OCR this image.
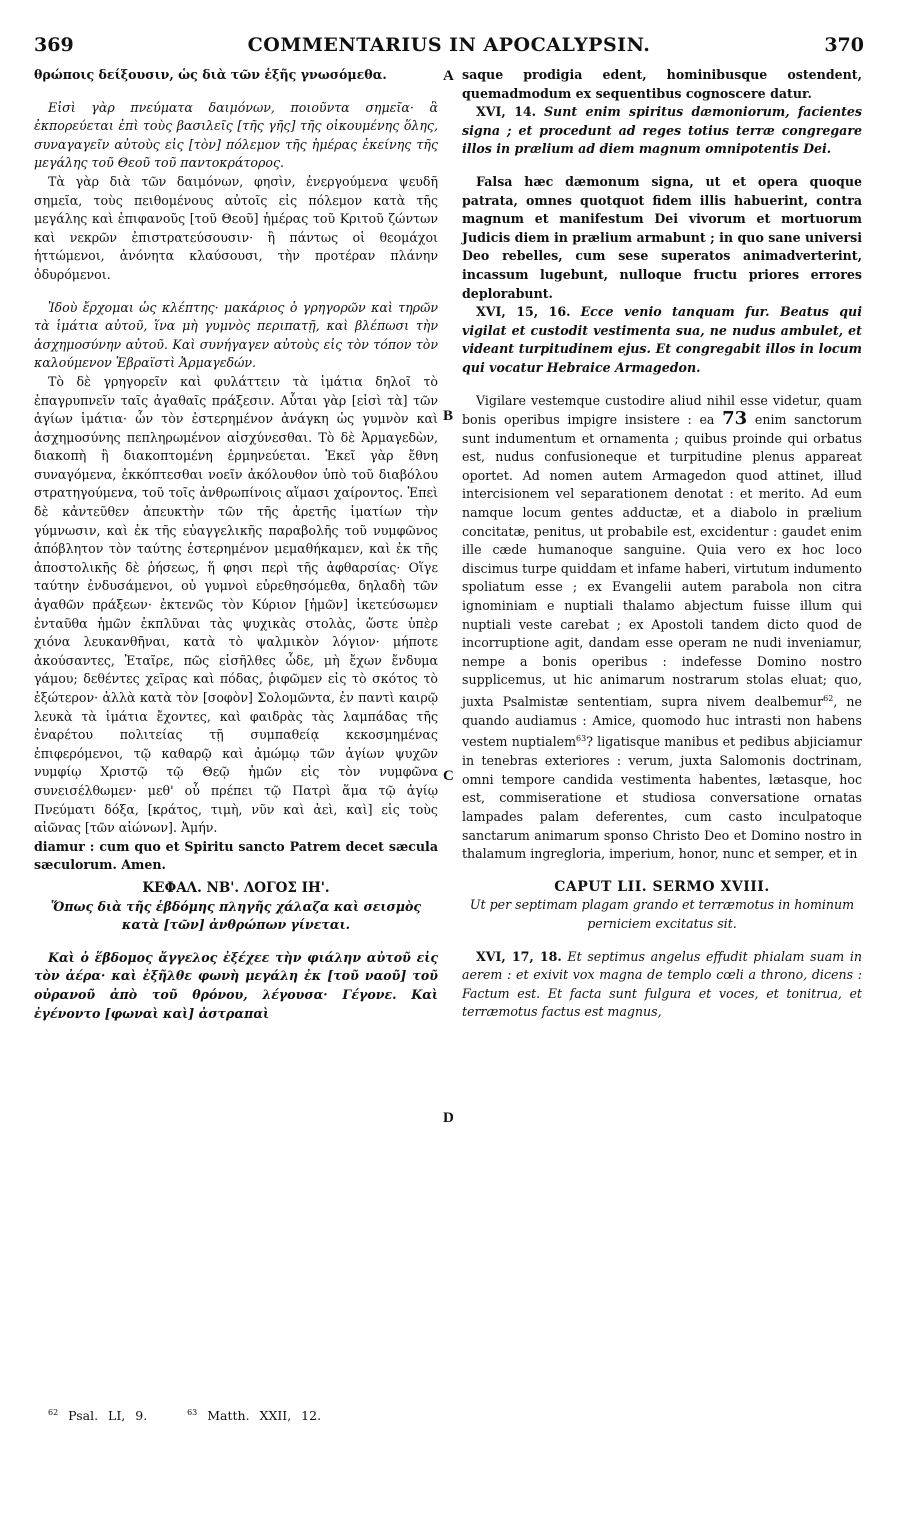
369	COMMENTARIUS IN APOCALYPSIN.	370
A
B
C
D

θρώποις δείξουσιν, ὡς διὰ τῶν ἑξῆς γνωσόμεθα.

Εἰσὶ γὰρ πνεύματα δαιμόνων, ποιοῦντα σημεῖα· ἃ ἐκπορεύεται ἐπὶ τοὺς βασιλεῖς [τῆς γῆς] τῆς οἰκουμένης ὅλης, συναγαγεῖν αὐτοὺς εἰς [τὸν] πόλεμον τῆς ἡμέρας ἐκείνης τῆς μεγάλης τοῦ Θεοῦ τοῦ παντοκράτορος.

Τὰ γὰρ διὰ τῶν δαιμόνων, φησὶν, ἐνεργούμενα ψευδῆ σημεῖα, τοὺς πειθομένους αὐτοῖς εἰς πόλεμον κατὰ τῆς μεγάλης καὶ ἐπιφανοῦς [τοῦ Θεοῦ] ἡμέρας τοῦ Κριτοῦ ζώντων καὶ νεκρῶν ἐπιστρατεύσουσιν· ἢ πάντως οἱ θεομάχοι ἡττώμενοι, ἀνόνητα κλαύσουσι, τὴν προτέραν πλάνην ὀδυρόμενοι.

Ἰδοὺ ἔρχομαι ὡς κλέπτης· μακάριος ὁ γρηγορῶν καὶ τηρῶν τὰ ἱμάτια αὐτοῦ, ἵνα μὴ γυμνὸς περιπατῇ, καὶ βλέπωσι τὴν ἀσχημοσύνην αὐτοῦ. Καὶ συνήγαγεν αὐτοὺς εἰς τὸν τόπον τὸν καλούμενον Ἑβραϊστὶ Ἀρμαγεδών.

Τὸ δὲ γρηγορεῖν καὶ φυλάττειν τὰ ἱμάτια δηλοῖ τὸ ἐπαγρυπνεῖν ταῖς ἀγαθαῖς πράξεσιν. Αὗται γὰρ [εἰσὶ τὰ] τῶν ἁγίων ἱμάτια· ὧν τὸν ἐστερημένον ἀνάγκη ὡς γυμνὸν καὶ ἀσχημοσύνης πεπληρωμένον αἰσχύνεσθαι. Τὸ δὲ Ἀρμαγεδὼν, διακοπὴ ἢ διακοπτομένη ἑρμηνεύεται. Ἐκεῖ γὰρ ἔθνη συναγόμενα, ἐκκόπτεσθαι νοεῖν ἀκόλουθον ὑπὸ τοῦ διαβόλου στρατηγούμενα, τοῦ τοῖς ἀνθρωπίνοις αἵμασι χαίροντος. Ἐπεὶ δὲ κἀντεῦθεν ἀπευκτὴν τῶν τῆς ἀρετῆς ἱματίων τὴν γύμνωσιν, καὶ ἐκ τῆς εὐαγγελικῆς παραβολῆς τοῦ νυμφῶνος ἀπόβλητον τὸν ταύτης ἐστερημένον μεμαθήκαμεν, καὶ ἐκ τῆς ἀποστολικῆς δὲ ῥήσεως, ἥ φησι περὶ τῆς ἀφθαρσίας· Οἵγε ταύτην ἐνδυσάμενοι, οὐ γυμνοὶ εὑρεθησόμεθα, δηλαδὴ τῶν ἀγαθῶν πράξεων· ἐκτενῶς τὸν Κύριον [ἡμῶν] ἱκετεύσωμεν ἐνταῦθα ἡμῶν ἐκπλῦναι τὰς ψυχικὰς στολὰς, ὥστε ὑπὲρ χιόνα λευκανθῆναι, κατὰ τὸ ψαλμικὸν λόγιον· μήποτε ἀκούσαντες, Ἑταῖρε, πῶς εἰσῆλθες ὧδε, μὴ ἔχων ἔνδυμα γάμου; δεθέντες χεῖρας καὶ πόδας, ῥιφῶμεν εἰς τὸ σκότος τὸ ἐξώτερον· ἀλλὰ κατὰ τὸν [σοφὸν] Σολομῶντα, ἐν παντὶ καιρῷ λευκὰ τὰ ἱμάτια ἔχοντες, καὶ φαιδρὰς τὰς λαμπάδας τῆς ἐναρέτου πολιτείας τῇ συμπαθείᾳ κεκοσμημένας ἐπιφερόμενοι, τῷ καθαρῷ καὶ ἀμώμῳ τῶν ἁγίων ψυχῶν νυμφίῳ Χριστῷ τῷ Θεῷ ἡμῶν εἰς τὸν νυμφῶνα συνεισέλθωμεν· μεθ' οὗ πρέπει τῷ Πατρὶ ἅμα τῷ ἁγίῳ Πνεύματι δόξα, [κράτος, τιμὴ, νῦν καὶ ἀεὶ, καὶ] εἰς τοὺς αἰῶνας [τῶν αἰώνων]. Ἀμήν.

diamur : cum quo et Spiritu sancto Patrem decet sæcula sæculorum. Amen.

ΚΕΦΑΛ. ΝΒ'. ΛΟΓΟΣ ΙΗ'.

Ὅπως διὰ τῆς ἑβδόμης πληγῆς χάλαζα καὶ σεισμὸς κατὰ [τῶν] ἀνθρώπων γίνεται.

Καὶ ὁ ἕβδομος ἄγγελος ἐξέχεε τὴν φιάλην αὐτοῦ εἰς τὸν ἀέρα· καὶ ἐξῆλθε φωνὴ μεγάλη ἐκ [τοῦ ναοῦ] τοῦ οὐρανοῦ ἀπὸ τοῦ θρόνου, λέγουσα· Γέγονε. Καὶ ἐγένοντο [φωναὶ καὶ] ἀστραπαὶ

saque prodigia edent, hominibusque ostendent, quemadmodum ex sequentibus cognoscere datur.

XVI, 14. Sunt enim spiritus dæmoniorum, facientes signa ; et procedunt ad reges totius terræ congregare illos in prælium ad diem magnum omnipotentis Dei.

Falsa hæc dæmonum signa, ut et opera quoque patrata, omnes quotquot fidem illis habuerint, contra magnum et manifestum Dei vivorum et mortuorum Judicis diem in prælium armabunt ; in quo sane universi Deo rebelles, cum sese superatos animadverterint, incassum lugebunt, nulloque fructu priores errores deplorabunt.

XVI, 15, 16. Ecce venio tanquam fur. Beatus qui vigilat et custodit vestimenta sua, ne nudus ambulet, et videant turpitudinem ejus. Et congregabit illos in locum qui vocatur Hebraice Armagedon.

Vigilare vestemque custodire aliud nihil esse videtur, quam bonis operibus impigre insistere : ea 73 enim sanctorum sunt indumentum et ornamenta ; quibus proinde qui orbatus est, nudus confusioneque et turpitudine plenus appareat oportet. Ad nomen autem Armagedon quod attinet, illud intercisionem vel separationem denotat : et merito. Ad eum namque locum gentes adductæ, et a diabolo in prælium concitatæ, penitus, ut probabile est, excidentur : gaudet enim ille cæde humanoque sanguine. Quia vero ex hoc loco discimus turpe quiddam et infame haberi, virtutum indumento spoliatum esse ; ex Evangelii autem parabola non citra ignominiam e nuptiali thalamo abjectum fuisse illum qui nuptiali veste carebat ; ex Apostoli tandem dicto quod de incorruptione agit, dandam esse operam ne nudi inveniamur, nempe a bonis operibus : indefesse Domino nostro supplicemus, ut hic animarum nostrarum stolas eluat; quo, juxta Psalmistæ sententiam, supra nivem dealbemur$^{62}$, ne quando audiamus : Amice, quomodo huc intrasti non habens vestem nuptialem$^{63}$? ligatisque manibus et pedibus abjiciamur in tenebras exteriores : verum, juxta Salomonis doctrinam, omni tempore candida vestimenta habentes, lætasque, hoc est, commiseratione et studiosa conversatione ornatas lampades palam deferentes, cum casto inculpatoque sanctarum animarum sponso Christo Deo et Domino nostro in thalamum ingregloria, imperium, honor, nunc et semper, et in

CAPUT LII. SERMO XVIII.

Ut per septimam plagam grando et terræmotus in hominum perniciem excitatus sit.

XVI, 17, 18. Et septimus angelus effudit phialam suam in aerem : et exivit vox magna de templo cœli a throno, dicens : Factum est. Et facta sunt fulgura et voces, et tonitrua, et terræmotus factus est magnus,

$^{62}$ Psal. LI, 9.	$^{63}$ Matth. XXII, 12.
